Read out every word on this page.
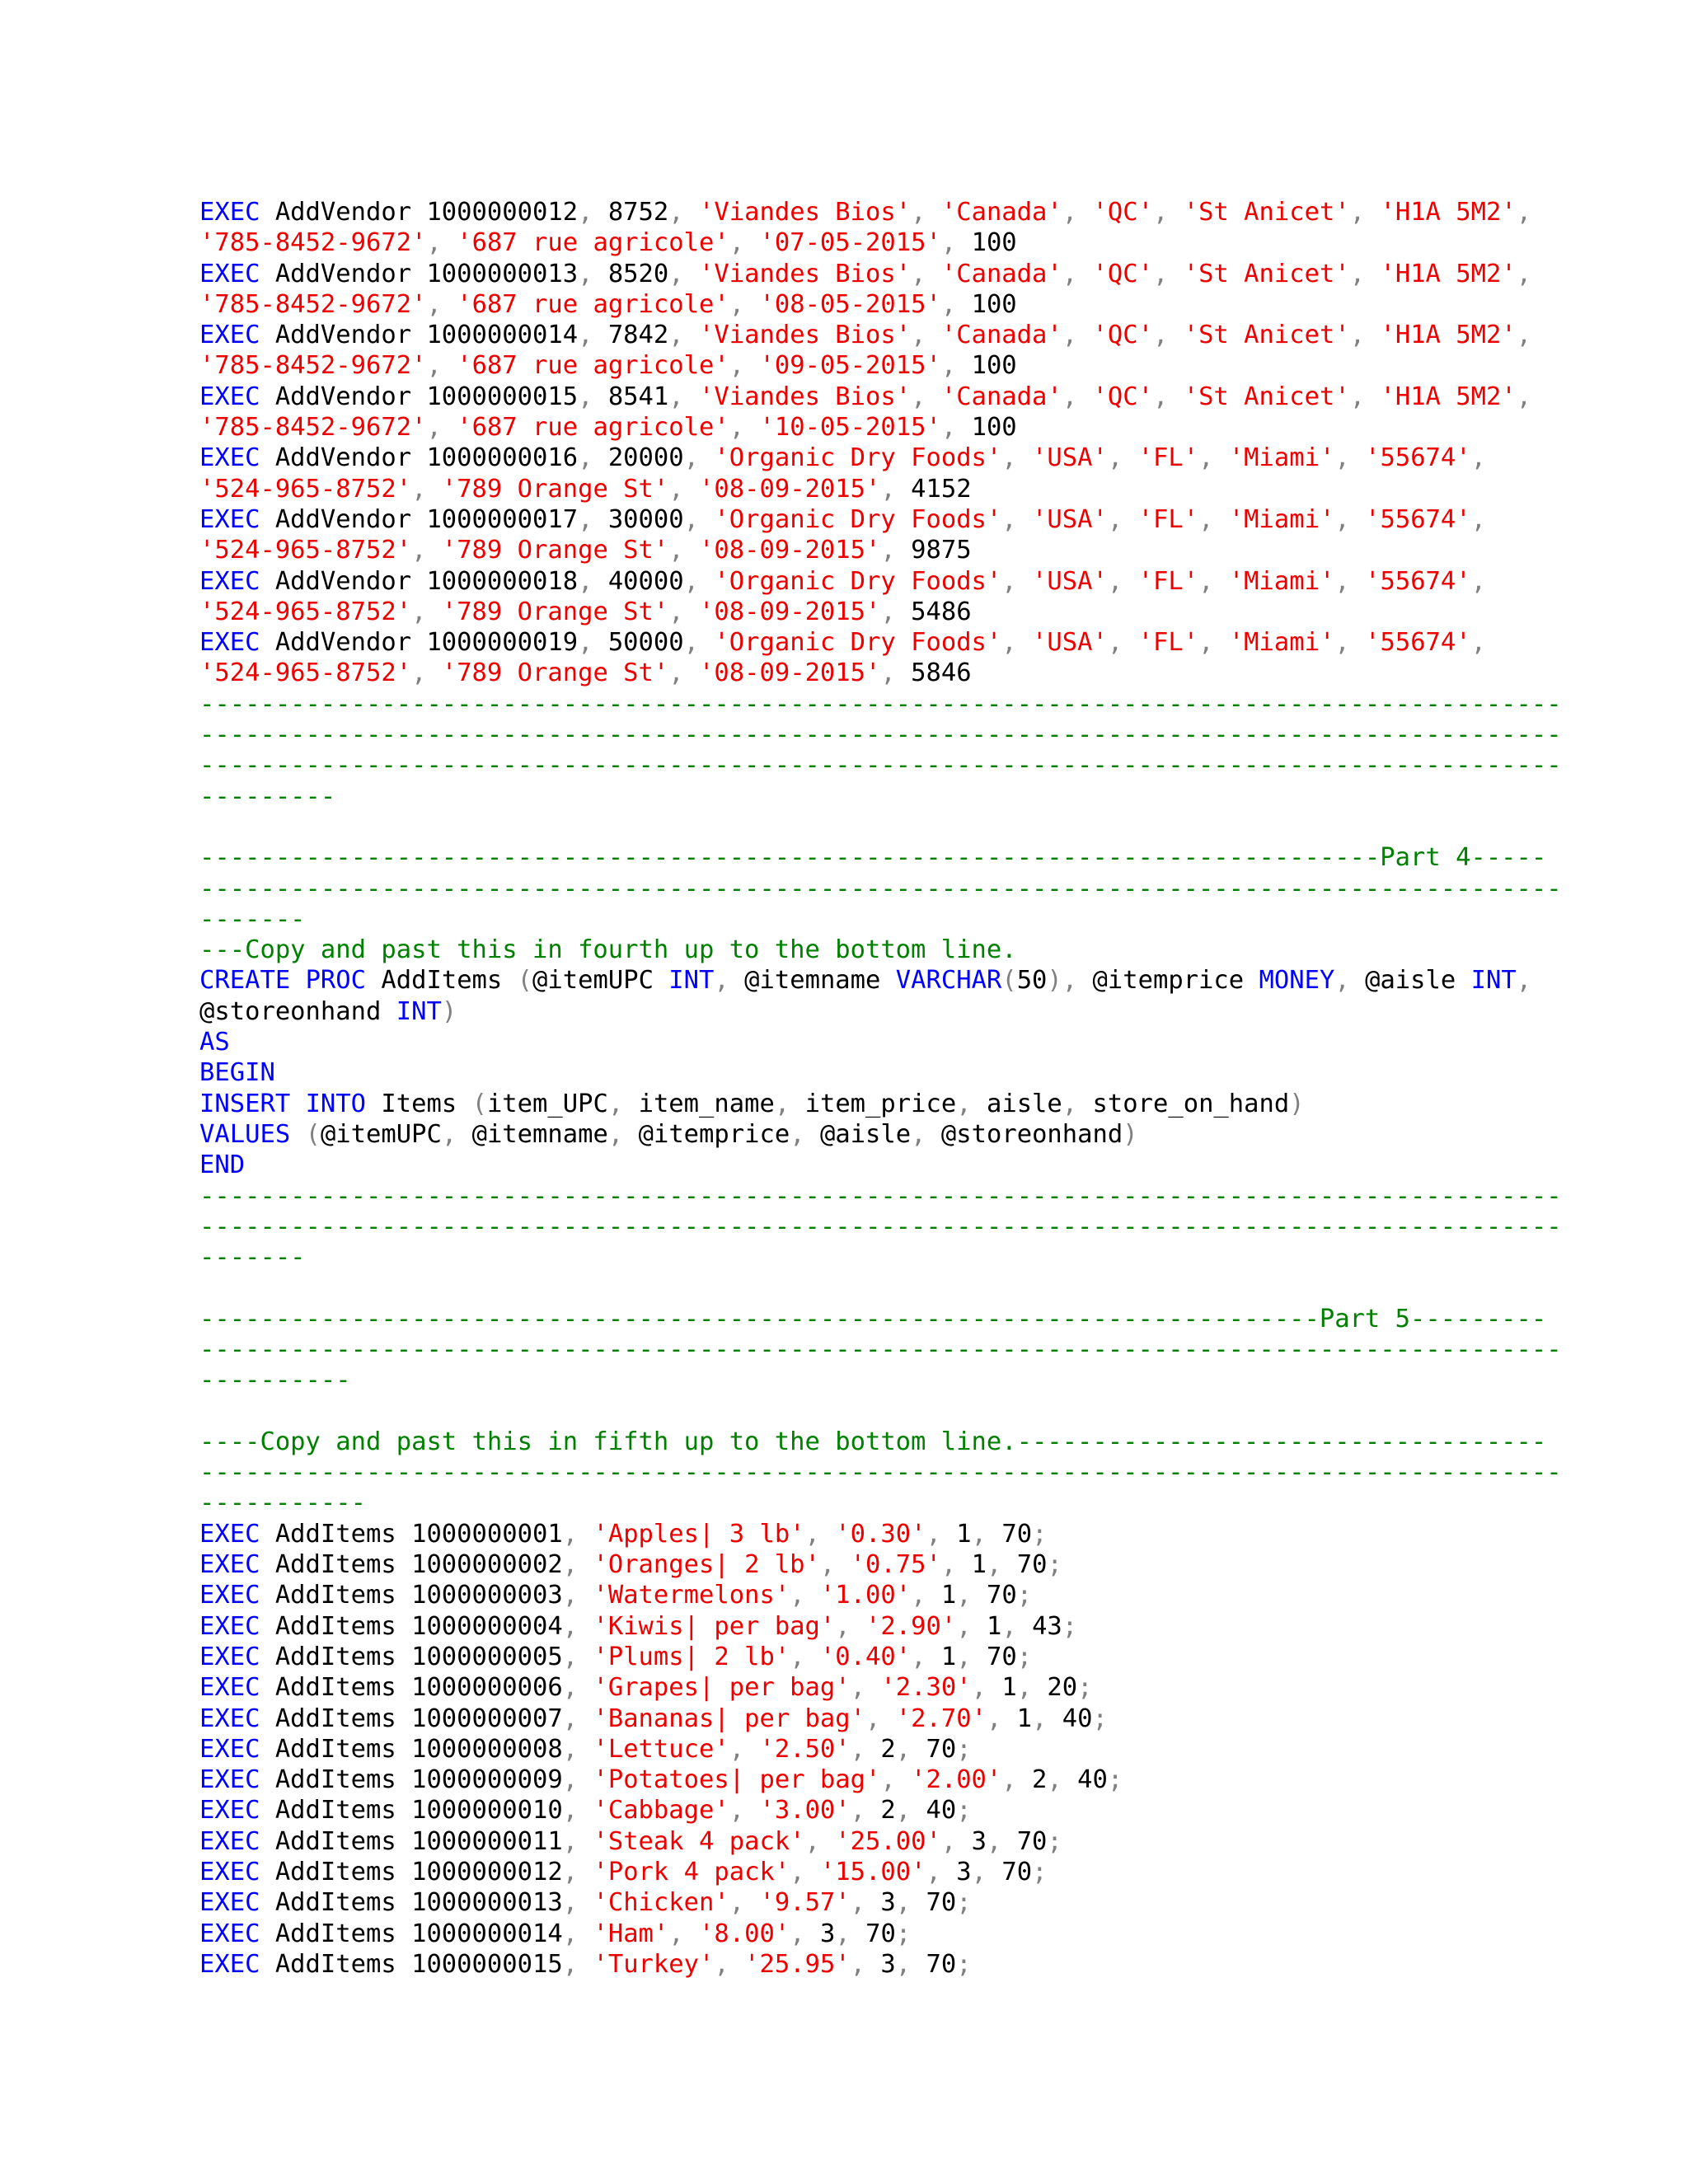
EXEC AddVendor 1000000012, 8752, 'Viandes Bios', 'Canada', 'QC', 'St Anicet', 'H1A 5M2',
'785-8452-9672', '687 rue agricole', '07-05-2015', 100
EXEC AddVendor 1000000013, 8520, 'Viandes Bios', 'Canada', 'QC', 'St Anicet', 'H1A 5M2',
'785-8452-9672', '687 rue agricole', '08-05-2015', 100
EXEC AddVendor 1000000014, 7842, 'Viandes Bios', 'Canada', 'QC', 'St Anicet', 'H1A 5M2',
'785-8452-9672', '687 rue agricole', '09-05-2015', 100
EXEC AddVendor 1000000015, 8541, 'Viandes Bios', 'Canada', 'QC', 'St Anicet', 'H1A 5M2',
'785-8452-9672', '687 rue agricole', '10-05-2015', 100
EXEC AddVendor 1000000016, 20000, 'Organic Dry Foods', 'USA', 'FL', 'Miami', '55674',
'524-965-8752', '789 Orange St', '08-09-2015', 4152
EXEC AddVendor 1000000017, 30000, 'Organic Dry Foods', 'USA', 'FL', 'Miami', '55674',
'524-965-8752', '789 Orange St', '08-09-2015', 9875
EXEC AddVendor 1000000018, 40000, 'Organic Dry Foods', 'USA', 'FL', 'Miami', '55674',
'524-965-8752', '789 Orange St', '08-09-2015', 5486
EXEC AddVendor 1000000019, 50000, 'Organic Dry Foods', 'USA', 'FL', 'Miami', '55674',
'524-965-8752', '789 Orange St', '08-09-2015', 5846
------------------------------------------------------------------------------------------
------------------------------------------------------------------------------------------
------------------------------------------------------------------------------------------
---------
------------------------------------------------------------------------------Part 4-----
------------------------------------------------------------------------------------------
-------
---Copy and past this in fourth up to the bottom line.
CREATE PROC AddItems (@itemUPC INT, @itemname VARCHAR(50), @itemprice MONEY, @aisle INT,
@storeonhand INT)
AS
BEGIN
INSERT INTO Items (item_UPC, item_name, item_price, aisle, store_on_hand)
VALUES (@itemUPC, @itemname, @itemprice, @aisle, @storeonhand)
END
------------------------------------------------------------------------------------------
------------------------------------------------------------------------------------------
-------
--------------------------------------------------------------------------Part 5---------
------------------------------------------------------------------------------------------
----------
----Copy and past this in fifth up to the bottom line.-----------------------------------
------------------------------------------------------------------------------------------
-----------
EXEC AddItems 1000000001, 'Apples| 3 lb', '0.30', 1, 70;
EXEC AddItems 1000000002, 'Oranges| 2 lb', '0.75', 1, 70;
EXEC AddItems 1000000003, 'Watermelons', '1.00', 1, 70;
EXEC AddItems 1000000004, 'Kiwis| per bag', '2.90', 1, 43;
EXEC AddItems 1000000005, 'Plums| 2 lb', '0.40', 1, 70;
EXEC AddItems 1000000006, 'Grapes| per bag', '2.30', 1, 20;
EXEC AddItems 1000000007, 'Bananas| per bag', '2.70', 1, 40;
EXEC AddItems 1000000008, 'Lettuce', '2.50', 2, 70;
EXEC AddItems 1000000009, 'Potatoes| per bag', '2.00', 2, 40;
EXEC AddItems 1000000010, 'Cabbage', '3.00', 2, 40;
EXEC AddItems 1000000011, 'Steak 4 pack', '25.00', 3, 70;
EXEC AddItems 1000000012, 'Pork 4 pack', '15.00', 3, 70;
EXEC AddItems 1000000013, 'Chicken', '9.57', 3, 70;
EXEC AddItems 1000000014, 'Ham', '8.00', 3, 70;
EXEC AddItems 1000000015, 'Turkey', '25.95', 3, 70;
